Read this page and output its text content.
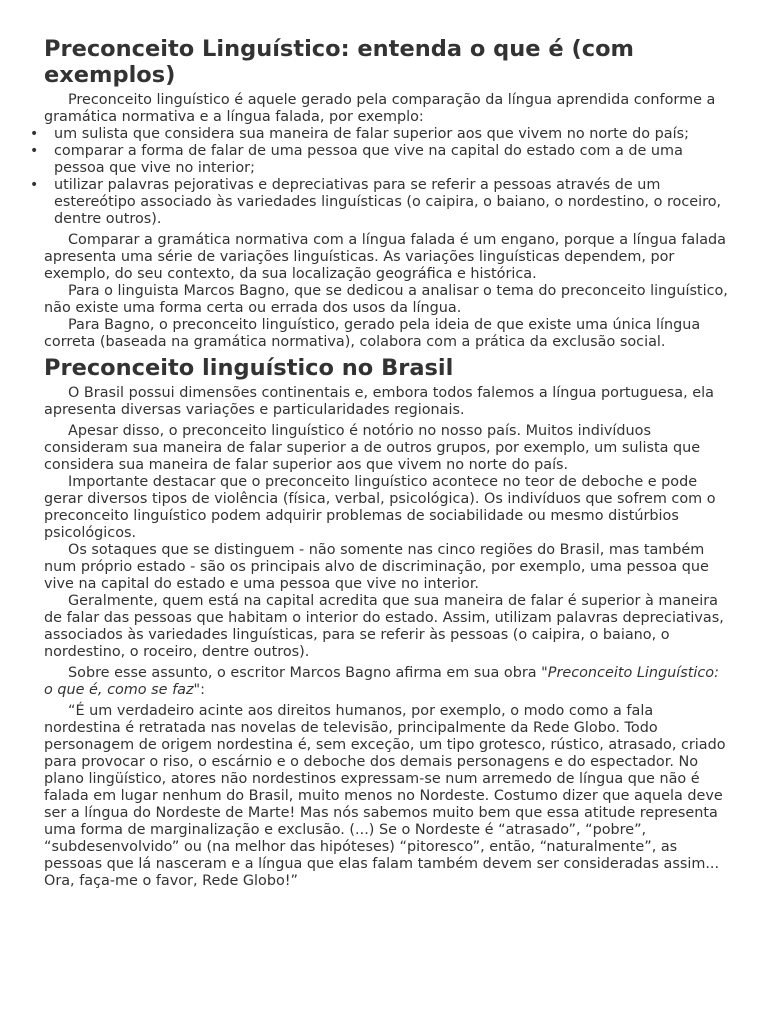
Preconceito Linguístico: entenda o que é (com exemplos)

Preconceito linguístico é aquele gerado pela comparação da língua aprendida conforme a gramática normativa e a língua falada, por exemplo:

• um sulista que considera sua maneira de falar superior aos que vivem no norte do país;
• comparar a forma de falar de uma pessoa que vive na capital do estado com a de uma pessoa que vive no interior;
• utilizar palavras pejorativas e depreciativas para se referir a pessoas através de um estereótipo associado às variedades linguísticas (o caipira, o baiano, o nordestino, o roceiro, dentre outros).

Comparar a gramática normativa com a língua falada é um engano, porque a língua falada apresenta uma série de variações linguísticas. As variações linguísticas dependem, por exemplo, do seu contexto, da sua localização geográfica e histórica.

Para o linguista Marcos Bagno, que se dedicou a analisar o tema do preconceito linguístico, não existe uma forma certa ou errada dos usos da língua.

Para Bagno, o preconceito linguístico, gerado pela ideia de que existe uma única língua correta (baseada na gramática normativa), colabora com a prática da exclusão social.

Preconceito linguístico no Brasil

O Brasil possui dimensões continentais e, embora todos falemos a língua portuguesa, ela apresenta diversas variações e particularidades regionais.

Apesar disso, o preconceito linguístico é notório no nosso país. Muitos indivíduos consideram sua maneira de falar superior a de outros grupos, por exemplo, um sulista que considera sua maneira de falar superior aos que vivem no norte do país.

Importante destacar que o preconceito linguístico acontece no teor de deboche e pode gerar diversos tipos de violência (física, verbal, psicológica). Os indivíduos que sofrem com o preconceito linguístico podem adquirir problemas de sociabilidade ou mesmo distúrbios psicológicos.

Os sotaques que se distinguem - não somente nas cinco regiões do Brasil, mas também num próprio estado - são os principais alvo de discriminação, por exemplo, uma pessoa que vive na capital do estado e uma pessoa que vive no interior.

Geralmente, quem está na capital acredita que sua maneira de falar é superior à maneira de falar das pessoas que habitam o interior do estado. Assim, utilizam palavras depreciativas, associados às variedades linguísticas, para se referir às pessoas (o caipira, o baiano, o nordestino, o roceiro, dentre outros).

Sobre esse assunto, o escritor Marcos Bagno afirma em sua obra "Preconceito Linguístico: o que é, como se faz":

“É um verdadeiro acinte aos direitos humanos, por exemplo, o modo como a fala nordestina é retratada nas novelas de televisão, principalmente da Rede Globo. Todo personagem de origem nordestina é, sem exceção, um tipo grotesco, rústico, atrasado, criado para provocar o riso, o escárnio e o deboche dos demais personagens e do espectador. No plano lingüístico, atores não nordestinos expressam-se num arremedo de língua que não é falada em lugar nenhum do Brasil, muito menos no Nordeste. Costumo dizer que aquela deve ser a língua do Nordeste de Marte! Mas nós sabemos muito bem que essa atitude representa uma forma de marginalização e exclusão. (...) Se o Nordeste é “atrasado”, “pobre”, “subdesenvolvido” ou (na melhor das hipóteses) “pitoresco”, então, “naturalmente”, as pessoas que lá nasceram e a língua que elas falam também devem ser consideradas assim... Ora, faça-me o favor, Rede Globo!”
